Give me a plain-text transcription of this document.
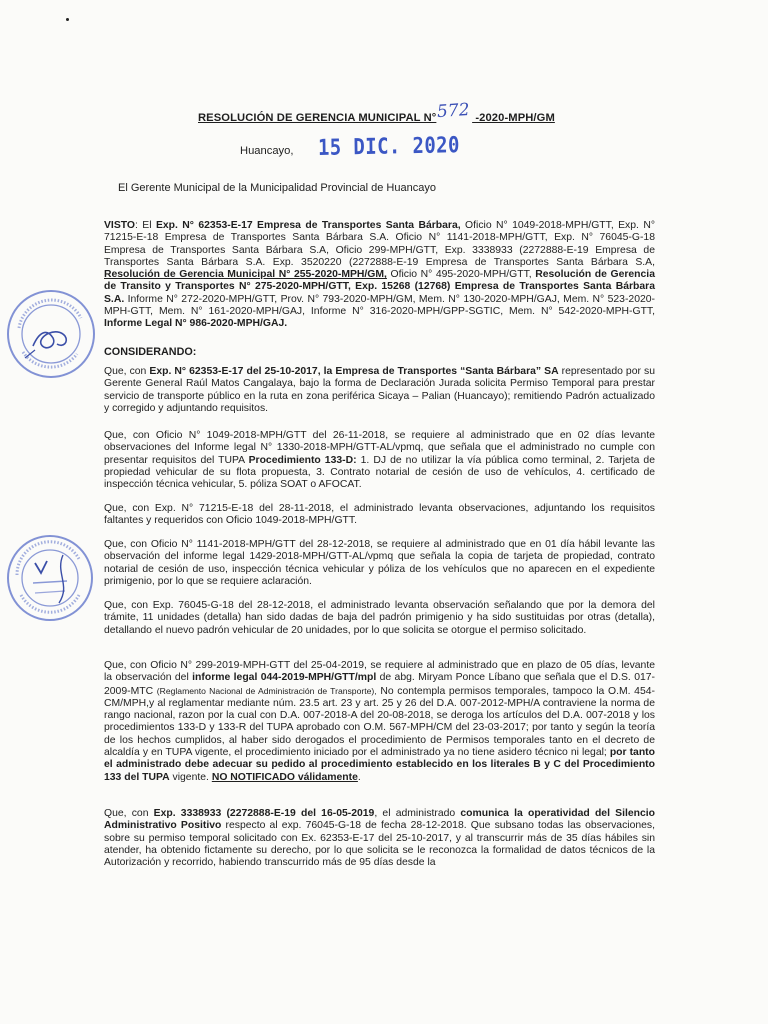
RESOLUCIÓN DE GERENCIA MUNICIPAL N°572 -2020-MPH/GM
Huancayo, 15 DIC. 2020
El Gerente Municipal de la Municipalidad Provincial de Huancayo
VISTO: El Exp. N° 62353-E-17 Empresa de Transportes Santa Bárbara, Oficio N° 1049-2018-MPH/GTT, Exp. N° 71215-E-18 Empresa de Transportes Santa Bárbara S.A. Oficio N° 1141-2018-MPH/GTT, Exp. N° 76045-G-18 Empresa de Transportes Santa Bárbara S.A, Oficio 299-MPH/GTT, Exp. 3338933 (2272888-E-19 Empresa de Transportes Santa Bárbara S.A. Exp. 3520220 (2272888-E-19 Empresa de Transportes Santa Bárbara S.A, Resolución de Gerencia Municipal N° 255-2020-MPH/GM, Oficio N° 495-2020-MPH/GTT, Resolución de Gerencia de Transito y Transportes N° 275-2020-MPH/GTT, Exp. 15268 (12768) Empresa de Transportes Santa Bárbara S.A. Informe N° 272-2020-MPH/GTT, Prov. N° 793-2020-MPH/GM, Mem. N° 130-2020-MPH/GAJ, Mem. N° 523-2020-MPH-GTT, Mem. N° 161-2020-MPH/GAJ, Informe N° 316-2020-MPH/GPP-SGTIC, Mem. N° 542-2020-MPH-GTT, Informe Legal N° 986-2020-MPH/GAJ.
CONSIDERANDO:
Que, con Exp. N° 62353-E-17 del 25-10-2017, la Empresa de Transportes “Santa Bárbara” SA representado por su Gerente General Raúl Matos Cangalaya, bajo la forma de Declaración Jurada solicita Permiso Temporal para prestar servicio de transporte público en la ruta en zona periférica Sicaya – Palian (Huancayo); remitiendo Padrón actualizado y corregido y adjuntando requisitos.
Que, con Oficio N° 1049-2018-MPH/GTT del 26-11-2018, se requiere al administrado que en 02 días levante observaciones del Informe legal N° 1330-2018-MPH/GTT-AL/vpmq, que señala que el administrado no cumple con presentar requisitos del TUPA Procedimiento 133-D: 1. DJ de no utilizar la vía pública como terminal, 2. Tarjeta de propiedad vehicular de su flota propuesta, 3. Contrato notarial de cesión de uso de vehículos, 4. certificado de inspección técnica vehicular, 5. póliza SOAT o AFOCAT.
Que, con Exp. N° 71215-E-18 del 28-11-2018, el administrado levanta observaciones, adjuntando los requisitos faltantes y requeridos con Oficio 1049-2018-MPH/GTT.
Que, con Oficio N° 1141-2018-MPH/GTT del 28-12-2018, se requiere al administrado que en 01 día hábil levante las observación del informe legal 1429-2018-MPH/GTT-AL/vpmq que señala la copia de tarjeta de propiedad, contrato notarial de cesión de uso, inspección técnica vehicular y póliza de los vehículos que no aparecen en el expediente primigenio, por lo que se requiere aclaración.
Que, con Exp. 76045-G-18 del 28-12-2018, el administrado levanta observación señalando que por la demora del trámite, 11 unidades (detalla) han sido dadas de baja del padrón primigenio y ha sido sustituidas por otras (detalla), detallando el nuevo padrón vehicular de 20 unidades, por lo que solicita se otorgue el permiso solicitado.
Que, con Oficio N° 299-2019-MPH-GTT del 25-04-2019, se requiere al administrado que en plazo de 05 días, levante la observación del informe legal 044-2019-MPH/GTT/mpl de abg. Miryam Ponce Líbano que señala que el D.S. 017-2009-MTC (Reglamento Nacional de Administración de Transporte), No contempla permisos temporales, tampoco la O.M. 454-CM/MPH,y al reglamentar mediante núm. 23.5 art. 23 y art. 25 y 26 del D.A. 007-2012-MPH/A contraviene la norma de rango nacional, razon por la cual con D.A. 007-2018-A del 20-08-2018, se deroga los artículos del D.A. 007-2018 y los procedimientos 133-D y 133-R del TUPA aprobado con O.M. 567-MPH/CM del 23-03-2017; por tanto y según la teoría de los hechos cumplidos, al haber sido derogados el procedimiento de Permisos temporales tanto en el decreto de alcaldía y en TUPA vigente, el procedimiento iniciado por el administrado ya no tiene asidero técnico ni legal; por tanto el administrado debe adecuar su pedido al procedimiento establecido en los literales B y C del Procedimiento 133 del TUPA vigente. NO NOTIFICADO válidamente.
Que, con Exp. 3338933 (2272888-E-19 del 16-05-2019, el administrado comunica la operatividad del Silencio Administrativo Positivo respecto al exp. 76045-G-18 de fecha 28-12-2018. Que subsano todas las observaciones, sobre su permiso temporal solicitado con Ex. 62353-E-17 del 25-10-2017, y al transcurrir más de 35 días hábiles sin atender, ha obtenido fictamente su derecho, por lo que solicita se le reconozca la formalidad de datos técnicos de la Autorización y recorrido, habiendo transcurrido más de 95 días desde la
